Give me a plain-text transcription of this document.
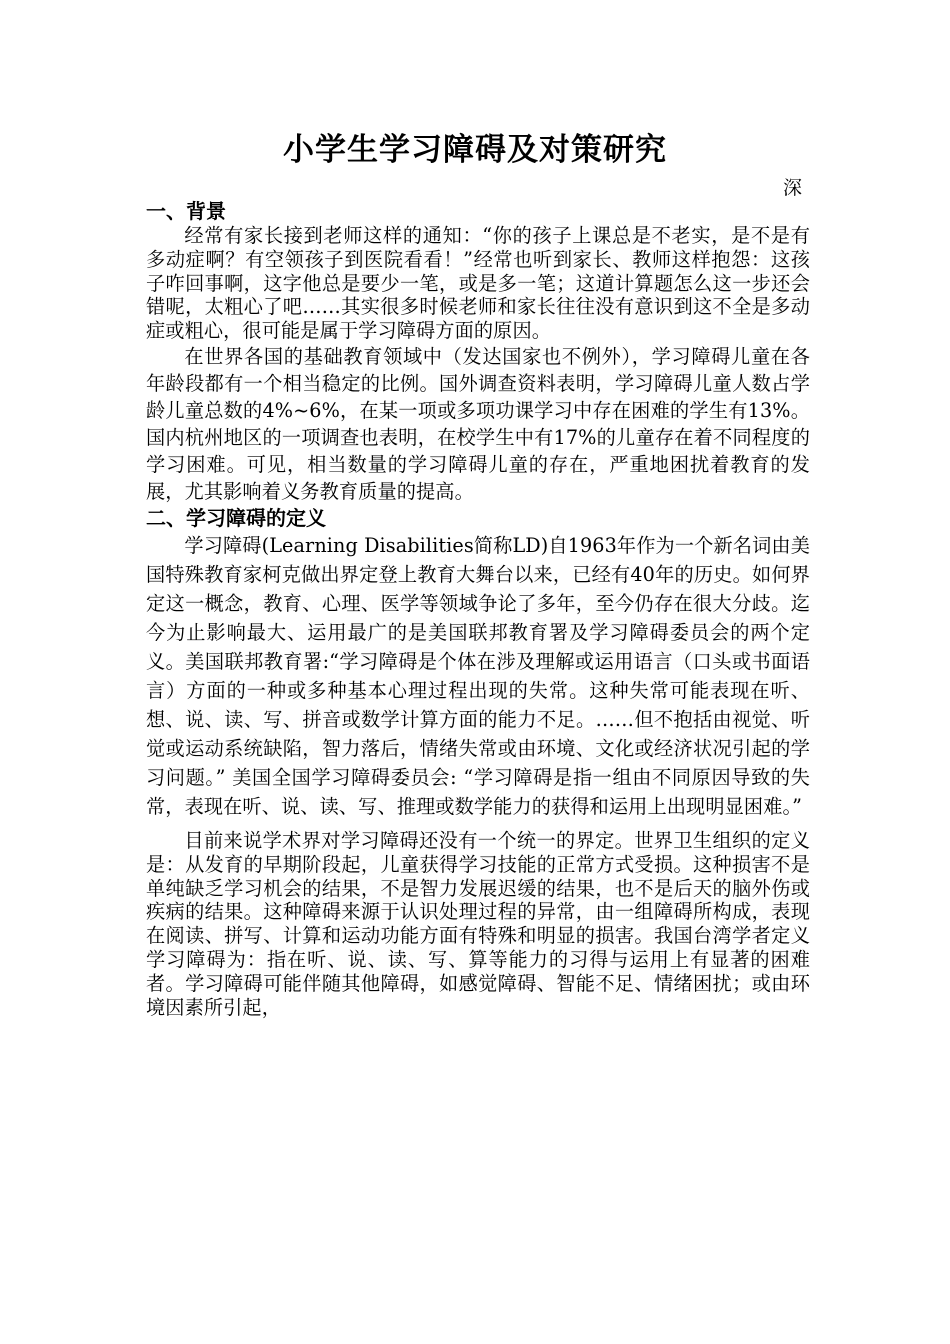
小学生学习障碍及对策研究
深
一、背景

经常有家长接到老师这样的通知：“你的孩子上课总是不老实，是不是有多动症啊？有空领孩子到医院看看！”经常也听到家长、教师这样抱怨：这孩子咋回事啊，这字他总是要少一笔，或是多一笔；这道计算题怎么这一步还会错呢，太粗心了吧……其实很多时候老师和家长往往没有意识到这不全是多动症或粗心，很可能是属于学习障碍方面的原因。

在世界各国的基础教育领域中（发达国家也不例外），学习障碍儿童在各年龄段都有一个相当稳定的比例。国外调查资料表明，学习障碍儿童人数占学龄儿童总数的4%~6%，在某一项或多项功课学习中存在困难的学生有13%。国内杭州地区的一项调查也表明，在校学生中有17%的儿童存在着不同程度的学习困难。可见，相当数量的学习障碍儿童的存在，严重地困扰着教育的发展，尤其影响着义务教育质量的提高。

二、学习障碍的定义

学习障碍(Learning Disabilities简称LD)自1963年作为一个新名词由美国特殊教育家柯克做出界定登上教育大舞台以来，已经有40年的历史。如何界定这一概念，教育、心理、医学等领域争论了多年，至今仍存在很大分歧。迄今为止影响最大、运用最广的是美国联邦教育署及学习障碍委员会的两个定义。美国联邦教育署:“学习障碍是个体在涉及理解或运用语言（口头或书面语言）方面的一种或多种基本心理过程出现的失常。这种失常可能表现在听、想、说、读、写、拼音或数学计算方面的能力不足。……但不抱括由视觉、听觉或运动系统缺陷，智力落后，情绪失常或由环境、文化或经济状况引起的学习问题。” 美国全国学习障碍委员会: “学习障碍是指一组由不同原因导致的失常，表现在听、说、读、写、推理或数学能力的获得和运用上出现明显困难。”

目前来说学术界对学习障碍还没有一个统一的界定。世界卫生组织的定义是：从发育的早期阶段起，儿童获得学习技能的正常方式受损。这种损害不是单纯缺乏学习机会的结果，不是智力发展迟缓的结果，也不是后天的脑外伤或疾病的结果。这种障碍来源于认识处理过程的异常，由一组障碍所构成，表现在阅读、拼写、计算和运动功能方面有特殊和明显的损害。我国台湾学者定义学习障碍为：指在听、说、读、写、算等能力的习得与运用上有显著的困难者。学习障碍可能伴随其他障碍，如感觉障碍、智能不足、情绪困扰；或由环境因素所引起，
